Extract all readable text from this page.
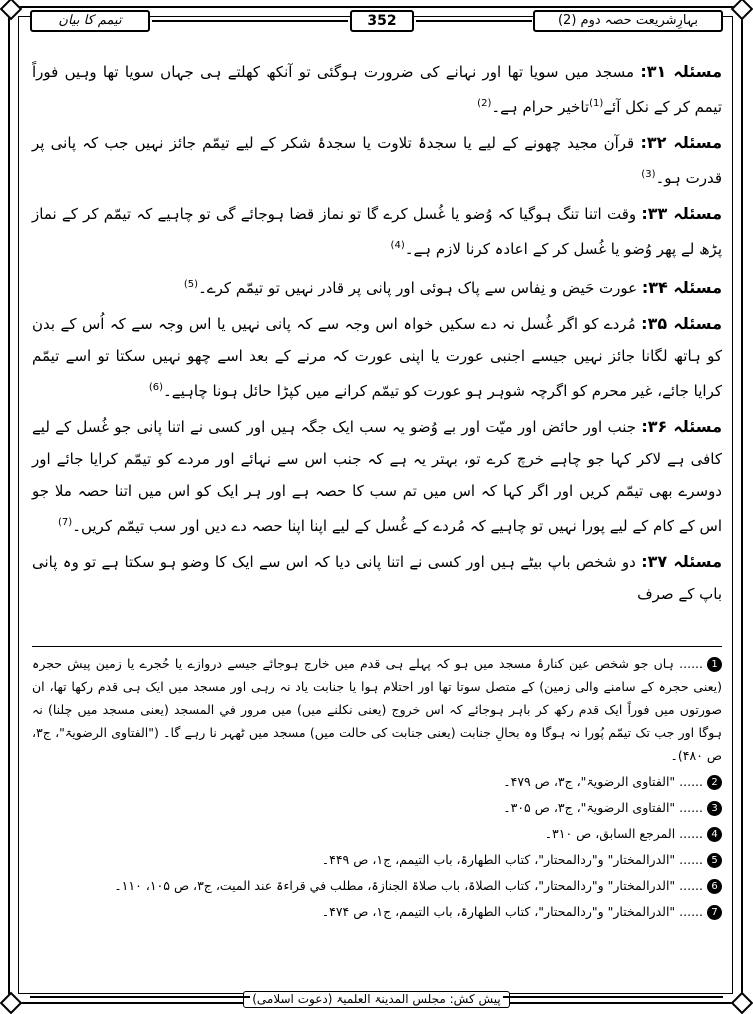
تیمم کا بیان	352	بہارِشریعت حصہ دوم (2)

مسئلہ ۳۱: مسجد میں سویا تھا اور نہانے کی ضرورت ہوگئی تو آنکھ کھلتے ہی جہاں سویا تھا وہیں فوراً تیمم کر کے نکل آئے$^{(1)}$تاخیر حرام ہے۔$^{(2)}$

مسئلہ ۳۲: قرآن مجید چھونے کے لیے یا سجدۂ تلاوت یا سجدۂ شکر کے لیے تیمّم جائز نہیں جب کہ پانی پر قدرت ہو۔$^{(3)}$

مسئلہ ۳۳: وقت اتنا تنگ ہوگیا کہ وُضو یا غُسل کرے گا تو نماز قضا ہوجائے گی تو چاہیے کہ تیمّم کر کے نماز پڑھ لے پھر وُضو یا غُسل کر کے اعادہ کرنا لازم ہے۔$^{(4)}$

مسئلہ ۳۴: عورت حَیض و نِفاس سے پاک ہوئی اور پانی پر قادر نہیں تو تیمّم کرے۔$^{(5)}$

مسئلہ ۳۵: مُردے کو اگر غُسل نہ دے سکیں خواہ اس وجہ سے کہ پانی نہیں یا اس وجہ سے کہ اُس کے بدن کو ہاتھ لگانا جائز نہیں جیسے اجنبی عورت یا اپنی عورت کہ مرنے کے بعد اسے چھو نہیں سکتا تو اسے تیمّم کرایا جائے، غیر محرم کو اگرچہ شوہر ہو عورت کو تیمّم کرانے میں کپڑا حائل ہونا چاہیے۔$^{(6)}$

مسئلہ ۳۶: جنب اور حائض اور میّت اور بے وُضو یہ سب ایک جگہ ہیں اور کسی نے اتنا پانی جو غُسل کے لیے کافی ہے لاکر کہا جو چاہے خرچ کرے تو، بہتر یہ ہے کہ جنب اس سے نہائے اور مردے کو تیمّم کرایا جائے اور دوسرے بھی تیمّم کریں اور اگر کہا کہ اس میں تم سب کا حصہ ہے اور ہر ایک کو اس میں اتنا حصہ ملا جو اس کے کام کے لیے پورا نہیں تو چاہیے کہ مُردے کے غُسل کے لیے اپنا اپنا حصہ دے دیں اور سب تیمّم کریں۔$^{(7)}$

مسئلہ ۳۷: دو شخص باپ بیٹے ہیں اور کسی نے اتنا پانی دیا کہ اس سے ایک کا وضو ہو سکتا ہے تو وہ پانی باپ کے صرف

1...... ہاں جو شخص عین کنارۂ مسجد میں ہو کہ پہلے ہی قدم میں خارج ہوجائے جیسے دروازے یا حُجرے یا زمین پیش حجرہ (یعنی حجرہ کے سامنے والی زمین) کے متصل سوتا تھا اور احتلام ہوا یا جنابت یاد نہ رہی اور مسجد میں ایک ہی قدم رکھا تھا، ان صورتوں میں فوراً ایک قدم رکھ کر باہر ہوجائے کہ اس خروج (یعنی نکلنے میں) میں مرور في المسجد (یعنی مسجد میں چلنا) نہ ہوگا اور جب تک تیمّم پُورا نہ ہوگا وہ بحالِ جنابت (یعنی جنابت کی حالت میں) مسجد میں ٹھہر نا رہے گا۔ ("الفتاوی الرضویۃ"، ج۳، ص ۴۸۰)۔

2...... "الفتاوی الرضویۃ"، ج۳، ص ۴۷۹۔

3...... "الفتاوی الرضویۃ"، ج۳، ص ۳۰۵۔

4...... المرجع السابق، ص ۳۱۰۔

5...... "الدرالمختار" و"ردالمحتار"، کتاب الطھارۃ، باب التیمم، ج۱، ص ۴۴۹۔

6...... "الدرالمختار" و"ردالمحتار"، کتاب الصلاۃ، باب صلاۃ الجنازۃ، مطلب في قراءۃ عند المیت، ج۳، ص ۱۰۵، ۱۱۰۔

7...... "الدرالمختار" و"ردالمحتار"، کتاب الطھارۃ، باب التیمم، ج۱، ص ۴۷۴۔

پیش کش: مجلس المدینۃ العلمیۃ (دعوت اسلامی)
